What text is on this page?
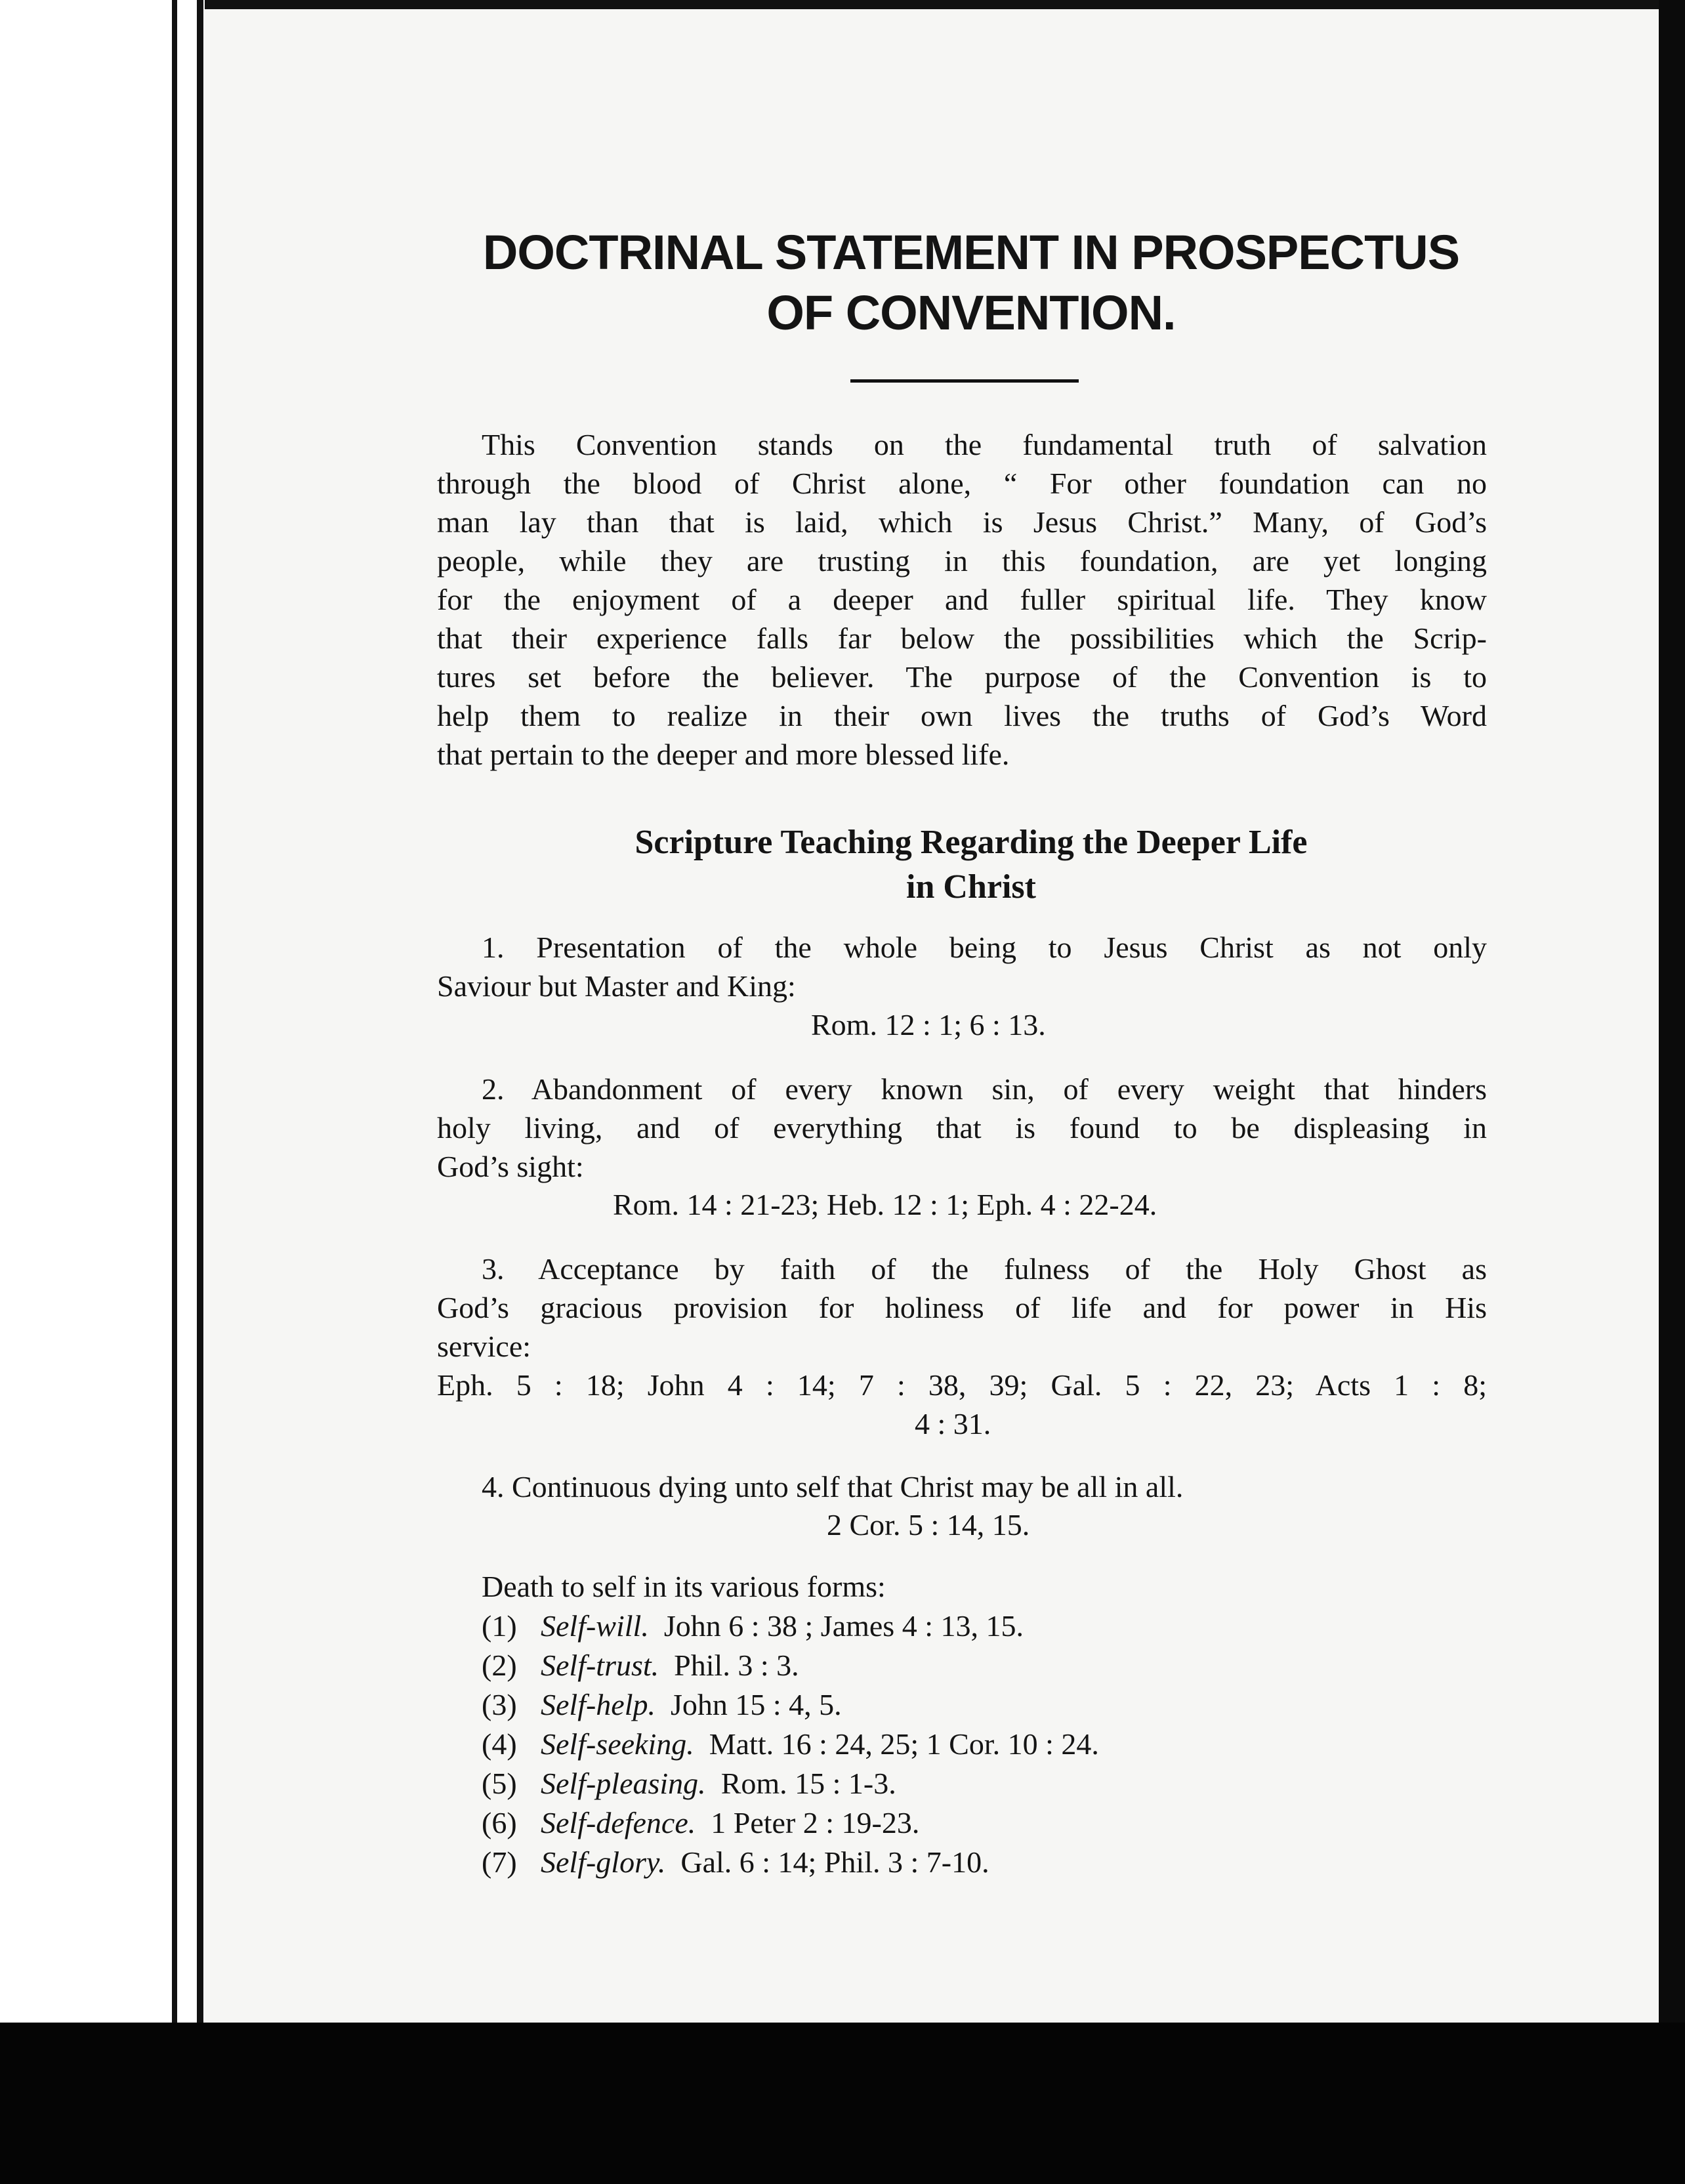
DOCTRINAL STATEMENT IN PROSPECTUS
OF CONVENTION.
This Convention stands on the fundamental truth of salvation
through the blood of Christ alone, “ For other foundation can no
man lay than that is laid, which is Jesus Christ.” Many, of God’s
people, while they are trusting in this foundation, are yet longing
for the enjoyment of a deeper and fuller spiritual life. They know
that their experience falls far below the possibilities which the Scrip-
tures set before the believer. The purpose of the Convention is to
help them to realize in their own lives the truths of God’s Word
that pertain to the deeper and more blessed life.
Scripture Teaching Regarding the Deeper Life
in Christ
1. Presentation of the whole being to Jesus Christ as not only
Saviour but Master and King:
Rom. 12 : 1; 6 : 13.
2. Abandonment of every known sin, of every weight that hinders
holy living, and of everything that is found to be displeasing in
God’s sight:
Rom. 14 : 21-23; Heb. 12 : 1; Eph. 4 : 22-24.
3. Acceptance by faith of the fulness of the Holy Ghost as
God’s gracious provision for holiness of life and for power in His
service:
Eph. 5 : 18; John 4 : 14; 7 : 38, 39; Gal. 5 : 22, 23; Acts 1 : 8;
4 : 31.
4. Continuous dying unto self that Christ may be all in all.
2 Cor. 5 : 14, 15.
Death to self in its various forms:
(1) Self-will. John 6 : 38 ; James 4 : 13, 15.
(2) Self-trust. Phil. 3 : 3.
(3) Self-help. John 15 : 4, 5.
(4) Self-seeking. Matt. 16 : 24, 25; 1 Cor. 10 : 24.
(5) Self-pleasing. Rom. 15 : 1-3.
(6) Self-defence. 1 Peter 2 : 19-23.
(7) Self-glory. Gal. 6 : 14; Phil. 3 : 7-10.
